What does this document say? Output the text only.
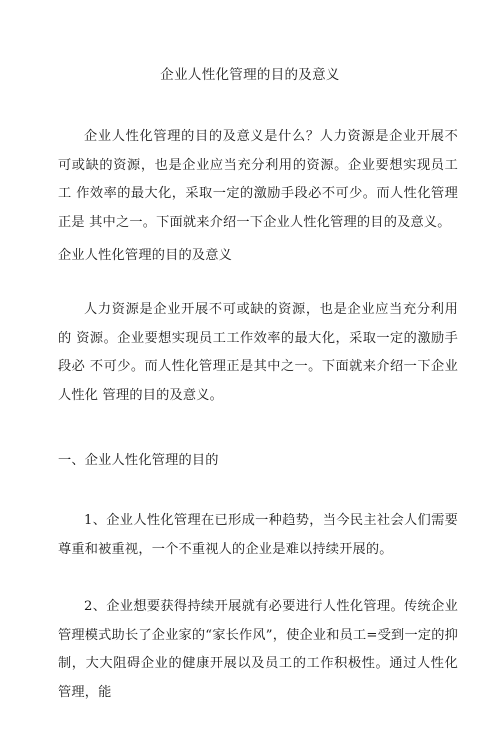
企业人性化管理的目的及意义

企业人性化管理的目的及意义是什么？人力资源是企业开展不 可或缺的资源，也是企业应当充分利用的资源。企业要想实现员工工 作效率的最大化，采取一定的激励手段必不可少。而人性化管理正是 其中之一。下面就来介绍一下企业人性化管理的目的及意义。

企业人性化管理的目的及意义

人力资源是企业开展不可或缺的资源，也是企业应当充分利用的 资源。企业要想实现员工工作效率的最大化，采取一定的激励手段必 不可少。而人性化管理正是其中之一。下面就来介绍一下企业人性化 管理的目的及意义。

一、企业人性化管理的目的

1、企业人性化管理在已形成一种趋势，当今民主社会人们需要 尊重和被重视，一个不重视人的企业是难以持续开展的。

2、企业想要获得持续开展就有必要进行人性化管理。传统企业 管理模式助长了企业家的“家长作风”，使企业和员工=受到一定的抑 制，大大阻碍企业的健康开展以及员工的工作积极性。通过人性化管理，能
